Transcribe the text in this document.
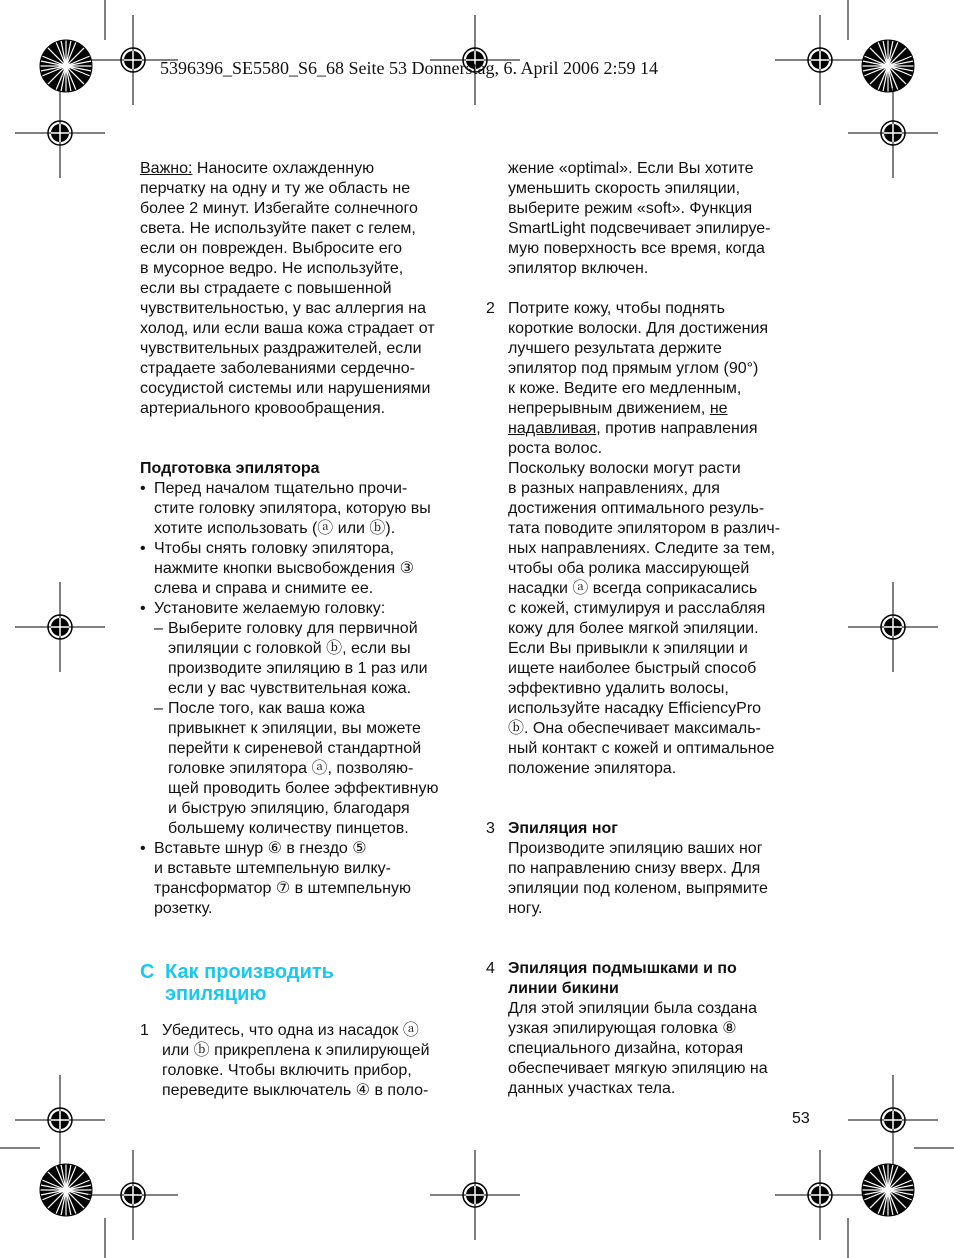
5396396_SE5580_S6_68 Seite 53 Donnerstag, 6. April 2006 2:59 14

Важно: Наносите охлажденную

перчатку на одну и ту же область не

более 2 минут. Избегайте солнечного

света. Не используйте пакет с гелем,

если он поврежден. Выбросите его

в мусорное ведро. Не используйте,

если вы страдаете с повышенной

чувствительностью, у вас аллергия на

холод, или если ваша кожа страдает от

чувствительных раздражителей, если

страдаете заболеваниями сердечно-

сосудистой системы или нарушениями

артериального кровообращения.

Подготовка эпилятора

• Перед началом тщательно прочи-

стите головку эпилятора, которую вы

хотите использовать (ⓐ или ⓑ).

• Чтобы снять головку эпилятора,

нажмите кнопки высвобождения ③

слева и справа и снимите ее.

• Установите желаемую головку:

– Выберите головку для первичной

эпиляции с головкой ⓑ, если вы

производите эпиляцию в 1 раз или

если у вас чувствительная кожа.

– После того, как ваша кожа

привыкнет к эпиляции, вы можете

перейти к сиреневой стандартной

головке эпилятора ⓐ, позволяю-

щей проводить более эффективную

и быструю эпиляцию, благодаря

большему количеству пинцетов.

• Вставьте шнур ⑥ в гнездо ⑤

и вставьте штемпельную вилку-

трансформатор ⑦ в штемпельную

розетку.

C Как производить
эпиляцию
1 Убедитесь, что одна из насадок ⓐ

или ⓑ прикреплена к эпилирующей

головке. Чтобы включить прибор,

переведите выключатель ④ в поло-

жение «optimal». Если Вы хотите

уменьшить скорость эпиляции,

выберите режим «soft». Функция

SmartLight подсвечивает эпилируе-

мую поверхность все время, когда

эпилятор включен.

2 Потрите кожу, чтобы поднять

короткие волоски. Для достижения

лучшего результата держите

эпилятор под прямым углом (90°)

к коже. Ведите его медленным,

непрерывным движением, не

надавливая, против направления

роста волос.

Поскольку волоски могут расти

в разных направлениях, для

достижения оптимального резуль-

тата поводите эпилятором в различ-

ных направлениях. Следите за тем,

чтобы оба ролика массирующей

насадки ⓐ всегда соприкасались

с кожей, стимулируя и расслабляя

кожу для более мягкой эпиляции.

Если Вы привыкли к эпиляции и

ищете наиболее быстрый способ

эффективно удалить волосы,

используйте насадку EfficiencyPro

ⓑ. Она обеспечивает максималь-

ный контакт с кожей и оптимальное

положение эпилятора.

3 Эпиляция ног

Производите эпиляцию ваших ног

по направлению снизу вверх. Для

эпиляции под коленом, выпрямите

ногу.

4 Эпиляция подмышками и по

линии бикини

Для этой эпиляции была создана

узкая эпилирующая головка ⑧

специального дизайна, которая

обеспечивает мягкую эпиляцию на

данных участках тела.

53
